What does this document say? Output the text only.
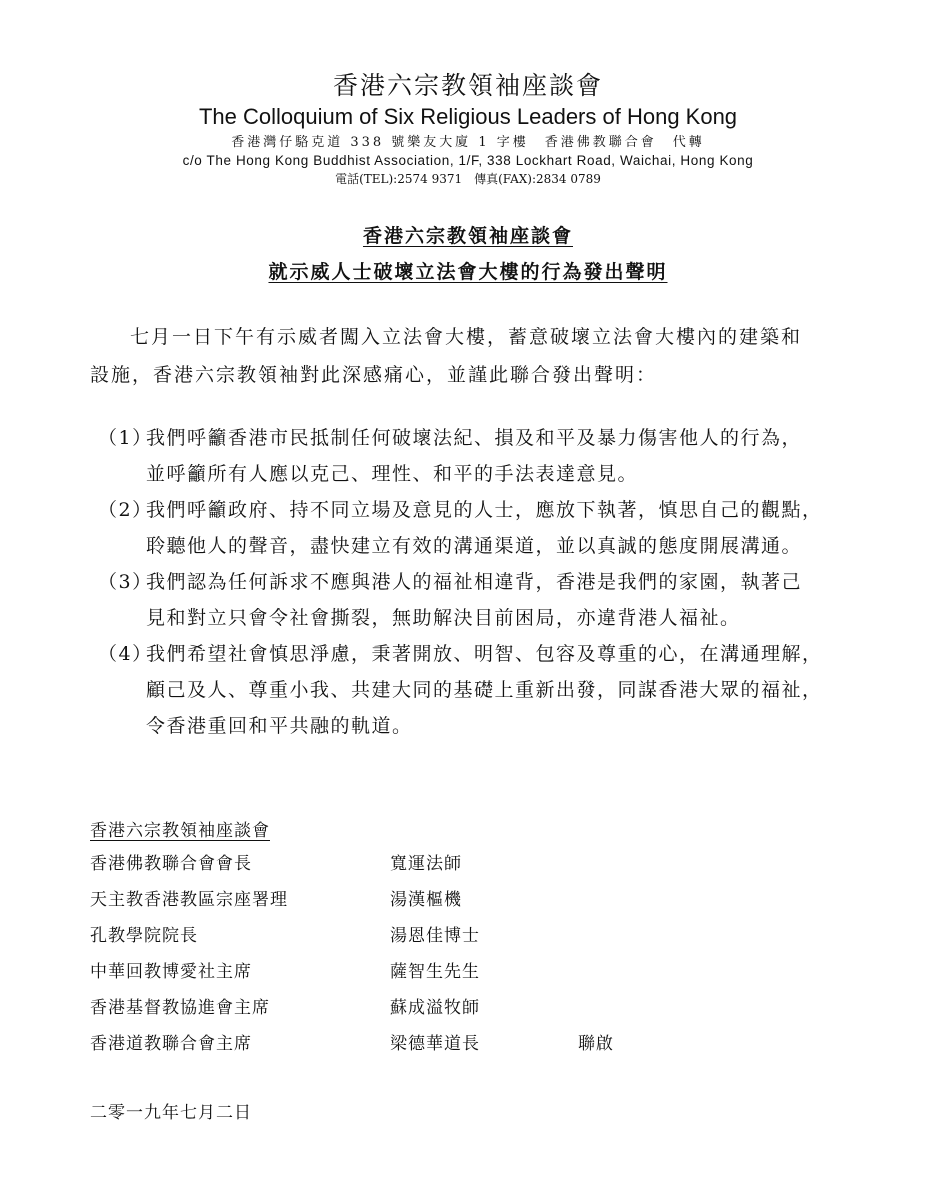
香港六宗教領袖座談會
The Colloquium of Six Religious Leaders of Hong Kong
香港灣仔駱克道 338 號樂友大廈 1 字樓　香港佛教聯合會　代轉
c/o The Hong Kong Buddhist Association, 1/F, 338 Lockhart Road, Waichai, Hong Kong
電話(TEL):2574 9371　傳真(FAX):2834 0789
香港六宗教領袖座談會
就示威人士破壞立法會大樓的行為發出聲明
七月一日下午有示威者闖入立法會大樓，蓄意破壞立法會大樓內的建築和
設施，香港六宗教領袖對此深感痛心，並謹此聯合發出聲明：
（1）
我們呼籲香港市民抵制任何破壞法紀、損及和平及暴力傷害他人的行為，
並呼籲所有人應以克己、理性、和平的手法表達意見。
（2）
我們呼籲政府、持不同立場及意見的人士，應放下執著，慎思自己的觀點，
聆聽他人的聲音，盡快建立有效的溝通渠道，並以真誠的態度開展溝通。
（3）
我們認為任何訴求不應與港人的福祉相違背，香港是我們的家園，執著己
見和對立只會令社會撕裂，無助解決目前困局，亦違背港人福祉。
（4）
我們希望社會慎思淨慮，秉著開放、明智、包容及尊重的心，在溝通理解，
顧己及人、尊重小我、共建大同的基礎上重新出發，同謀香港大眾的福祉，
令香港重回和平共融的軌道。
香港六宗教領袖座談會
香港佛教聯合會會長	寬運法師
天主教香港教區宗座署理	湯漢樞機
孔教學院院長	湯恩佳博士
中華回教博愛社主席	薩智生先生
香港基督教協進會主席	蘇成溢牧師
香港道教聯合會主席	梁德華道長	聯啟
二零一九年七月二日
